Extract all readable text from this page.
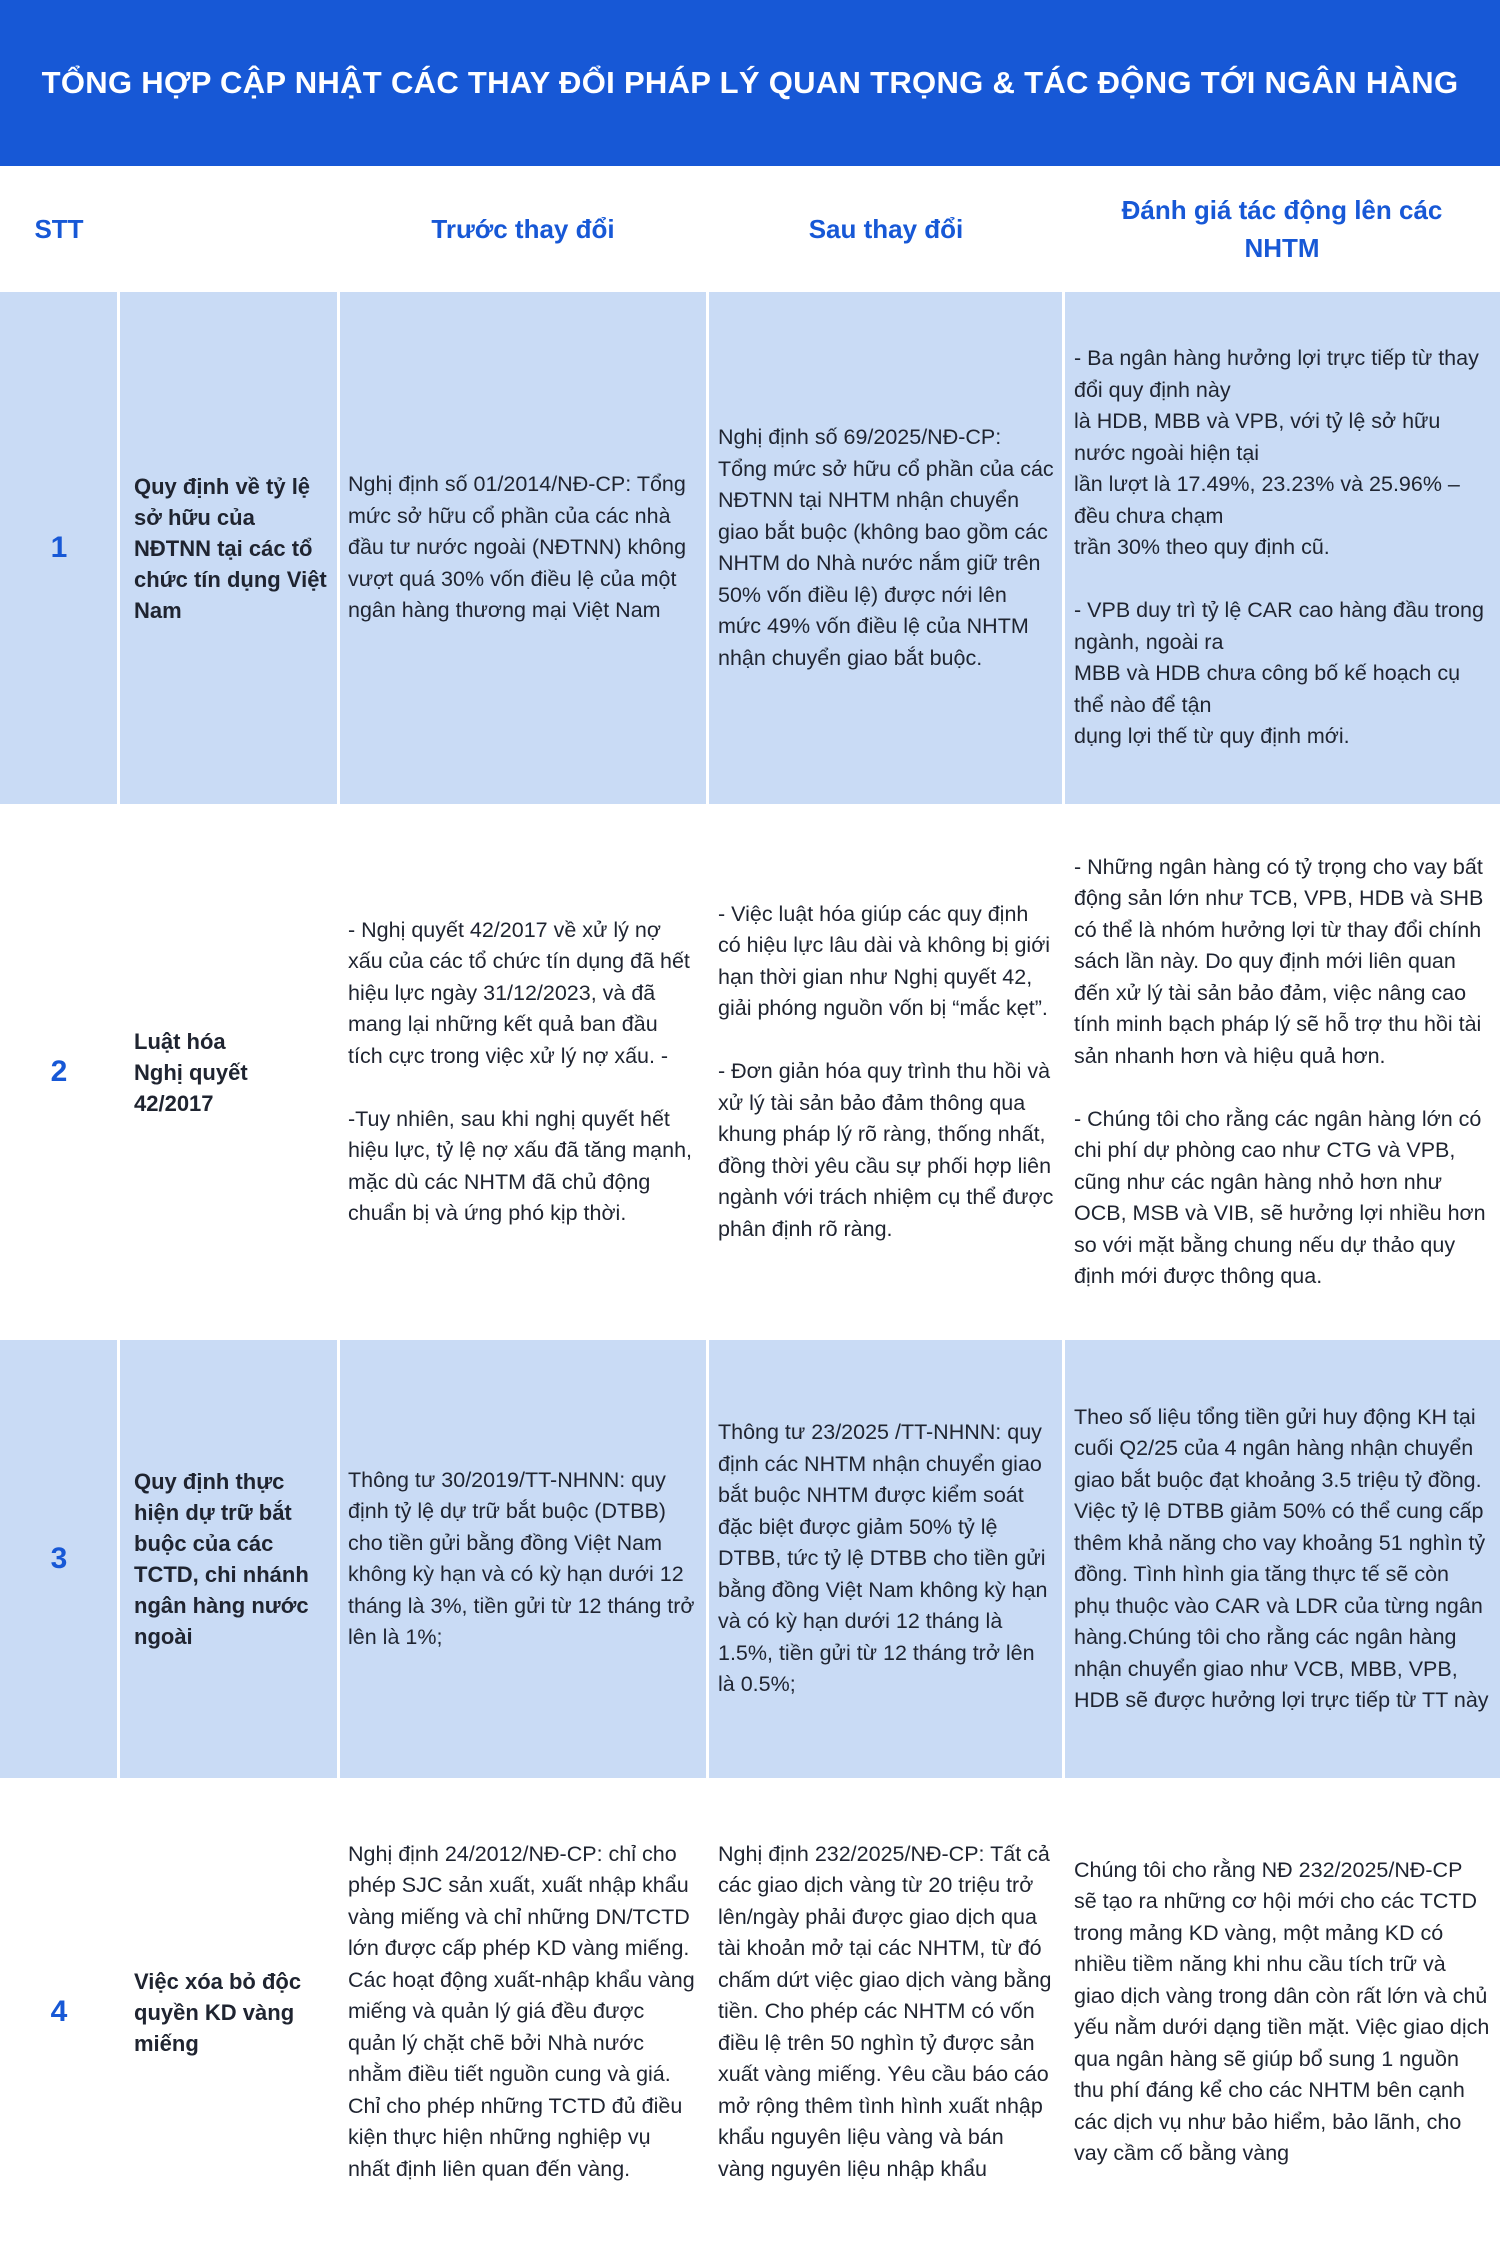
TỔNG HỢP CẬP NHẬT CÁC THAY ĐỔI PHÁP LÝ QUAN TRỌNG & TÁC ĐỘNG TỚI NGÂN HÀNG
STT	Trước thay đổi	Sau thay đổi
Đánh giá tác động lên các NHTM
1
Quy định về tỷ lệ sở hữu của NĐTNN tại các tổ chức tín dụng Việt Nam
Nghị định số 01/2014/NĐ-CP: Tổng mức sở hữu cổ phần của các nhà đầu tư nước ngoài (NĐTNN) không vượt quá 30% vốn điều lệ của một ngân hàng thương mại Việt Nam
Nghị định số 69/2025/NĐ-CP: Tổng mức sở hữu cổ phần của các NĐTNN tại NHTM nhận chuyển giao bắt buộc (không bao gồm các NHTM do Nhà nước nắm giữ trên 50% vốn điều lệ) được nới lên mức 49% vốn điều lệ của NHTM nhận chuyển giao bắt buộc.
- Ba ngân hàng hưởng lợi trực tiếp từ thay đổi quy định này
là HDB, MBB và VPB, với tỷ lệ sở hữu nước ngoài hiện tại
lần lượt là 17.49%, 23.23% và 25.96% – đều chưa chạm
trần 30% theo quy định cũ.

- VPB duy trì tỷ lệ CAR cao hàng đầu trong ngành, ngoài ra
MBB và HDB chưa công bố kế hoạch cụ thể nào để tận
dụng lợi thế từ quy định mới.
2
Luật hóa
Nghị quyết
42/2017
- Nghị quyết 42/2017 về xử lý nợ xấu của các tổ chức tín dụng đã hết hiệu lực ngày 31/12/2023, và đã mang lại những kết quả ban đầu tích cực trong việc xử lý nợ xấu. -

-Tuy nhiên, sau khi nghị quyết hết hiệu lực, tỷ lệ nợ xấu đã tăng mạnh, mặc dù các NHTM đã chủ động chuẩn bị và ứng phó kịp thời.
- Việc luật hóa giúp các quy định có hiệu lực lâu dài và không bị giới hạn thời gian như Nghị quyết 42, giải phóng nguồn vốn bị “mắc kẹt”.

- Đơn giản hóa quy trình thu hồi và xử lý tài sản bảo đảm thông qua khung pháp lý rõ ràng, thống nhất, đồng thời yêu cầu sự phối hợp liên ngành với trách nhiệm cụ thể được phân định rõ ràng.
- Những ngân hàng có tỷ trọng cho vay bất động sản lớn như TCB, VPB, HDB và SHB có thể là nhóm hưởng lợi từ thay đổi chính sách lần này. Do quy định mới liên quan đến xử lý tài sản bảo đảm, việc nâng cao tính minh bạch pháp lý sẽ hỗ trợ thu hồi tài sản nhanh hơn và hiệu quả hơn.

- Chúng tôi cho rằng các ngân hàng lớn có chi phí dự phòng cao như CTG và VPB, cũng như các ngân hàng nhỏ hơn như OCB, MSB và VIB, sẽ hưởng lợi nhiều hơn so với mặt bằng chung nếu dự thảo quy định mới được thông qua.
3
Quy định thực hiện dự trữ bắt buộc của các TCTD, chi nhánh ngân hàng nước ngoài
Thông tư 30/2019/TT-NHNN: quy định tỷ lệ dự trữ bắt buộc (DTBB) cho tiền gửi bằng đồng Việt Nam không kỳ hạn và có kỳ hạn dưới 12 tháng là 3%, tiền gửi từ 12 tháng trở lên là 1%;
Thông tư 23/2025 /TT-NHNN: quy định các NHTM nhận chuyển giao bắt buộc NHTM được kiểm soát đặc biệt được giảm 50% tỷ lệ DTBB, tức tỷ lệ DTBB cho tiền gửi bằng đồng Việt Nam không kỳ hạn và có kỳ hạn dưới 12 tháng là 1.5%, tiền gửi từ 12 tháng trở lên là 0.5%;
Theo số liệu tổng tiền gửi huy động KH tại cuối Q2/25 của 4 ngân hàng nhận chuyển giao bắt buộc đạt khoảng 3.5 triệu tỷ đồng. Việc tỷ lệ DTBB giảm 50% có thể cung cấp thêm khả năng cho vay khoảng 51 nghìn tỷ đồng. Tình hình gia tăng thực tế sẽ còn phụ thuộc vào CAR và LDR của từng ngân hàng.Chúng tôi cho rằng các ngân hàng nhận chuyển giao như VCB, MBB, VPB, HDB sẽ được hưởng lợi trực tiếp từ TT này
4
Việc xóa bỏ độc quyền KD vàng miếng
Nghị định 24/2012/NĐ-CP: chỉ cho phép SJC sản xuất, xuất nhập khẩu vàng miếng và chỉ những DN/TCTD lớn được cấp phép KD vàng miếng. Các hoạt động xuất-nhập khẩu vàng miếng và quản lý giá đều được quản lý chặt chẽ bởi Nhà nước nhằm điều tiết nguồn cung và giá. Chỉ cho phép những TCTD đủ điều kiện thực hiện những nghiệp vụ nhất định liên quan đến vàng.
Nghị định 232/2025/NĐ-CP: Tất cả các giao dịch vàng từ 20 triệu trở lên/ngày phải được giao dịch qua tài khoản mở tại các NHTM, từ đó chấm dứt việc giao dịch vàng bằng tiền. Cho phép các NHTM có vốn điều lệ trên 50 nghìn tỷ được sản xuất vàng miếng. Yêu cầu báo cáo mở rộng thêm tình hình xuất nhập khẩu nguyên liệu vàng và bán vàng nguyên liệu nhập khẩu
Chúng tôi cho rằng NĐ 232/2025/NĐ-CP sẽ tạo ra những cơ hội mới cho các TCTD trong mảng KD vàng, một mảng KD có nhiều tiềm năng khi nhu cầu tích trữ và giao dịch vàng trong dân còn rất lớn và chủ yếu nằm dưới dạng tiền mặt. Việc giao dịch qua ngân hàng sẽ giúp bổ sung 1 nguồn thu phí đáng kể cho các NHTM bên cạnh các dịch vụ như bảo hiểm, bảo lãnh, cho vay cầm cố bằng vàng
